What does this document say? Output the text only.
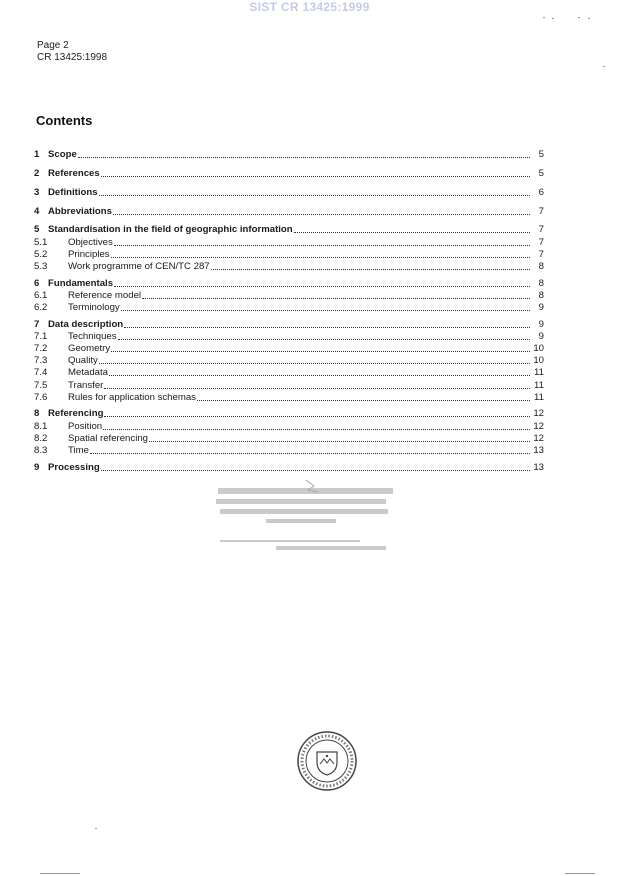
SIST CR 13425:1999
Page 2
CR 13425:1998
Contents
1 Scope	5
2 References	5
3 Definitions	6
4 Abbreviations	7
5 Standardisation in the field of geographic information	7
5.1	Objectives	7
5.2	Principles	7
5.3	Work programme of CEN/TC 287	8
6 Fundamentals	8
6.1	Reference model	8
6.2	Terminology	9
7 Data description	9
7.1	Techniques	9
7.2	Geometry	10
7.3	Quality	10
7.4	Metadata	11
7.5	Transfer	11
7.6	Rules for application schemas	11
8 Referencing	12
8.1	Position	12
8.2	Spatial referencing	12
8.3	Time	13
9 Processing	13
